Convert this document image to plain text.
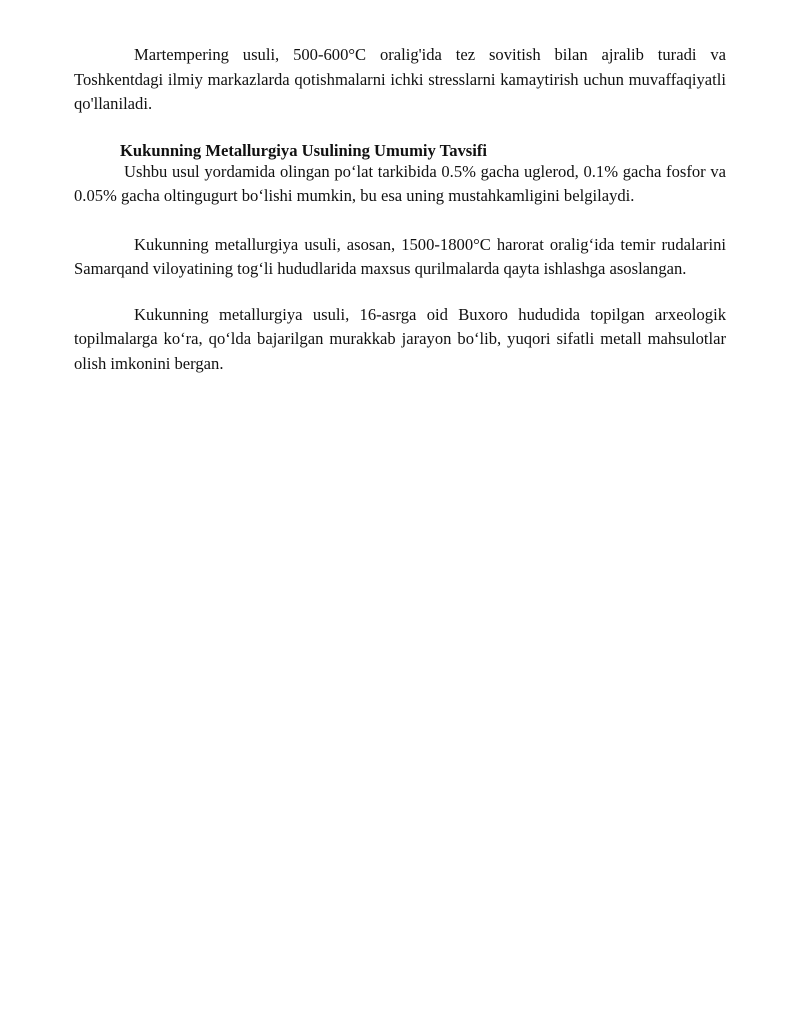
Martempering usuli, 500-600°C oralig'ida tez sovitish bilan ajralib turadi va Toshkentdagi ilmiy markazlarda qotishmalarni ichki stresslarni kamaytirish uchun muvaffaqiyatli qo'llaniladi.

Kukunning Metallurgiya Usulining Umumiy Tavsifi

Ushbu usul yordamida olingan po‘lat tarkibida 0.5% gacha uglerod, 0.1% gacha fosfor va 0.05% gacha oltingugurt bo‘lishi mumkin, bu esa uning mustahkamligini belgilaydi.

Kukunning metallurgiya usuli, asosan, 1500-1800°C harorat oralig‘ida temir rudalarini Samarqand viloyatining tog‘li hududlarida maxsus qurilmalarda qayta ishlashga asoslangan.

Kukunning metallurgiya usuli, 16-asrga oid Buxoro hududida topilgan arxeologik topilmalarga ko‘ra, qo‘lda bajarilgan murakkab jarayon bo‘lib, yuqori sifatli metall mahsulotlar olish imkonini bergan.
